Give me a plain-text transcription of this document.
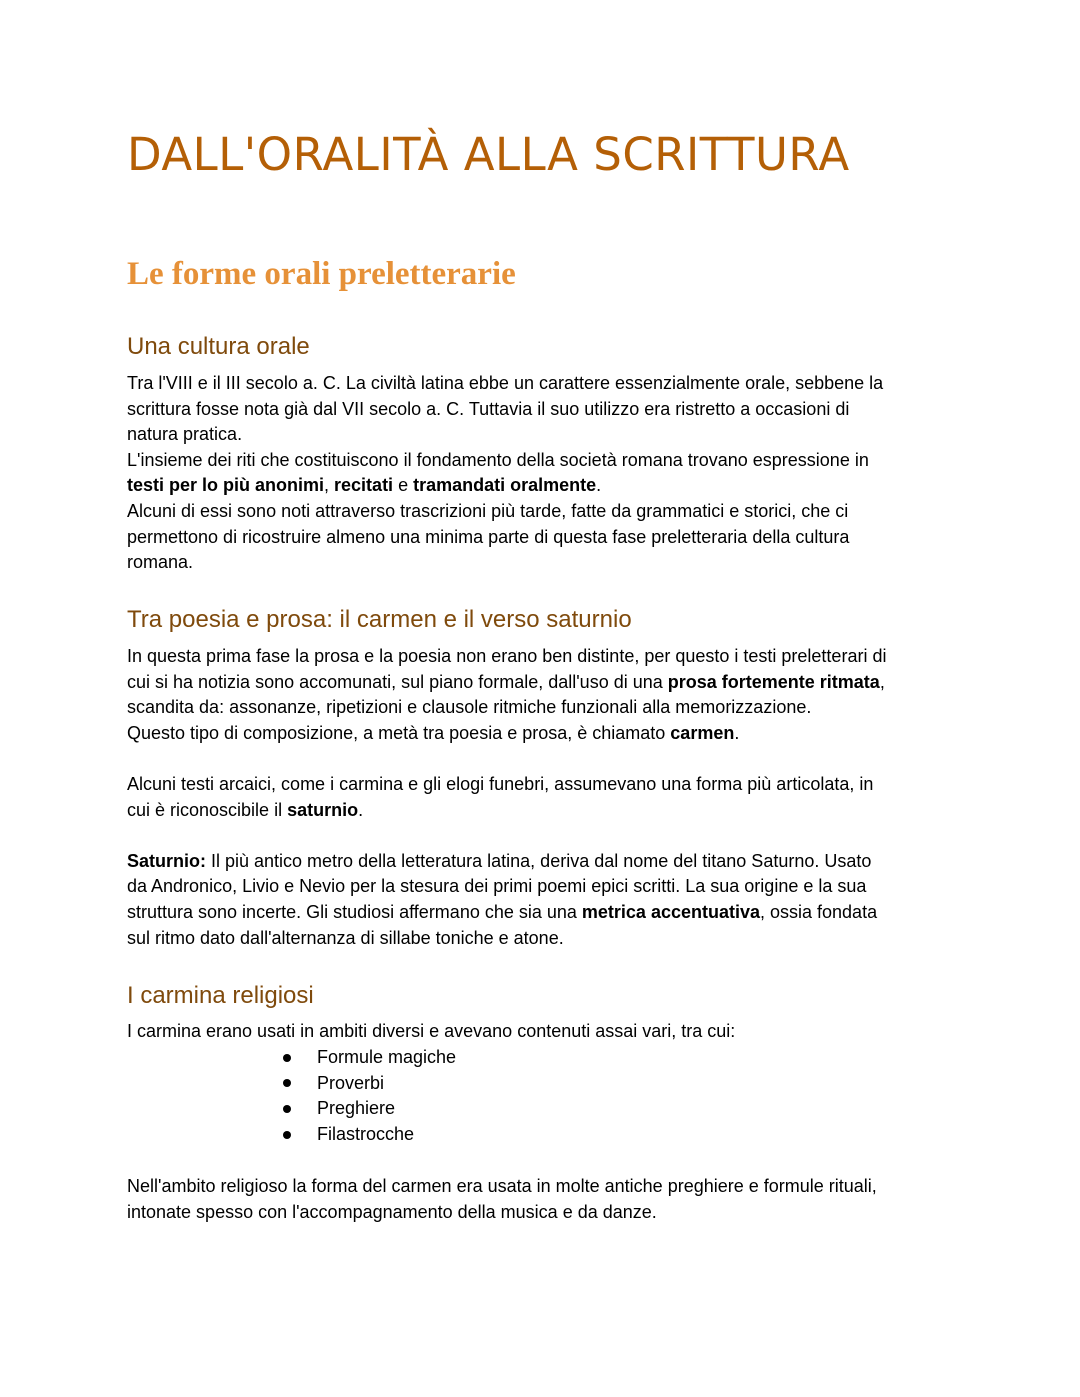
DALL'ORALITÀ ALLA SCRITTURA
Le forme orali preletterarie
Una cultura orale
Tra l'VIII e il III secolo a. C. La civiltà latina ebbe un carattere essenzialmente orale, sebbene la
scrittura fosse nota già dal VII secolo a. C. Tuttavia il suo utilizzo era ristretto a occasioni di
natura pratica.
L'insieme dei riti che costituiscono il fondamento della società romana trovano espressione in
testi per lo più anonimi, recitati e tramandati oralmente.
Alcuni di essi sono noti attraverso trascrizioni più tarde, fatte da grammatici e storici, che ci
permettono di ricostruire almeno una minima parte di questa fase preletteraria della cultura
romana.
Tra poesia e prosa: il carmen e il verso saturnio
In questa prima fase la prosa e la poesia non erano ben distinte, per questo i testi preletterari di
cui si ha notizia sono accomunati, sul piano formale, dall'uso di una prosa fortemente ritmata,
scandita da: assonanze, ripetizioni e clausole ritmiche funzionali alla memorizzazione.
Questo tipo di composizione, a metà tra poesia e prosa, è chiamato carmen.
Alcuni testi arcaici, come i carmina e gli elogi funebri, assumevano una forma più articolata, in
cui è riconoscibile il saturnio.
Saturnio: Il più antico metro della letteratura latina, deriva dal nome del titano Saturno. Usato
da Andronico, Livio e Nevio per la stesura dei primi poemi epici scritti. La sua origine e la sua
struttura sono incerte. Gli studiosi affermano che sia una metrica accentuativa, ossia fondata
sul ritmo dato dall'alternanza di sillabe toniche e atone.
I carmina religiosi
I carmina erano usati in ambiti diversi e avevano contenuti assai vari, tra cui:
Formule magiche
Proverbi
Preghiere
Filastrocche
Nell'ambito religioso la forma del carmen era usata in molte antiche preghiere e formule rituali,
intonate spesso con l'accompagnamento della musica e da danze.
